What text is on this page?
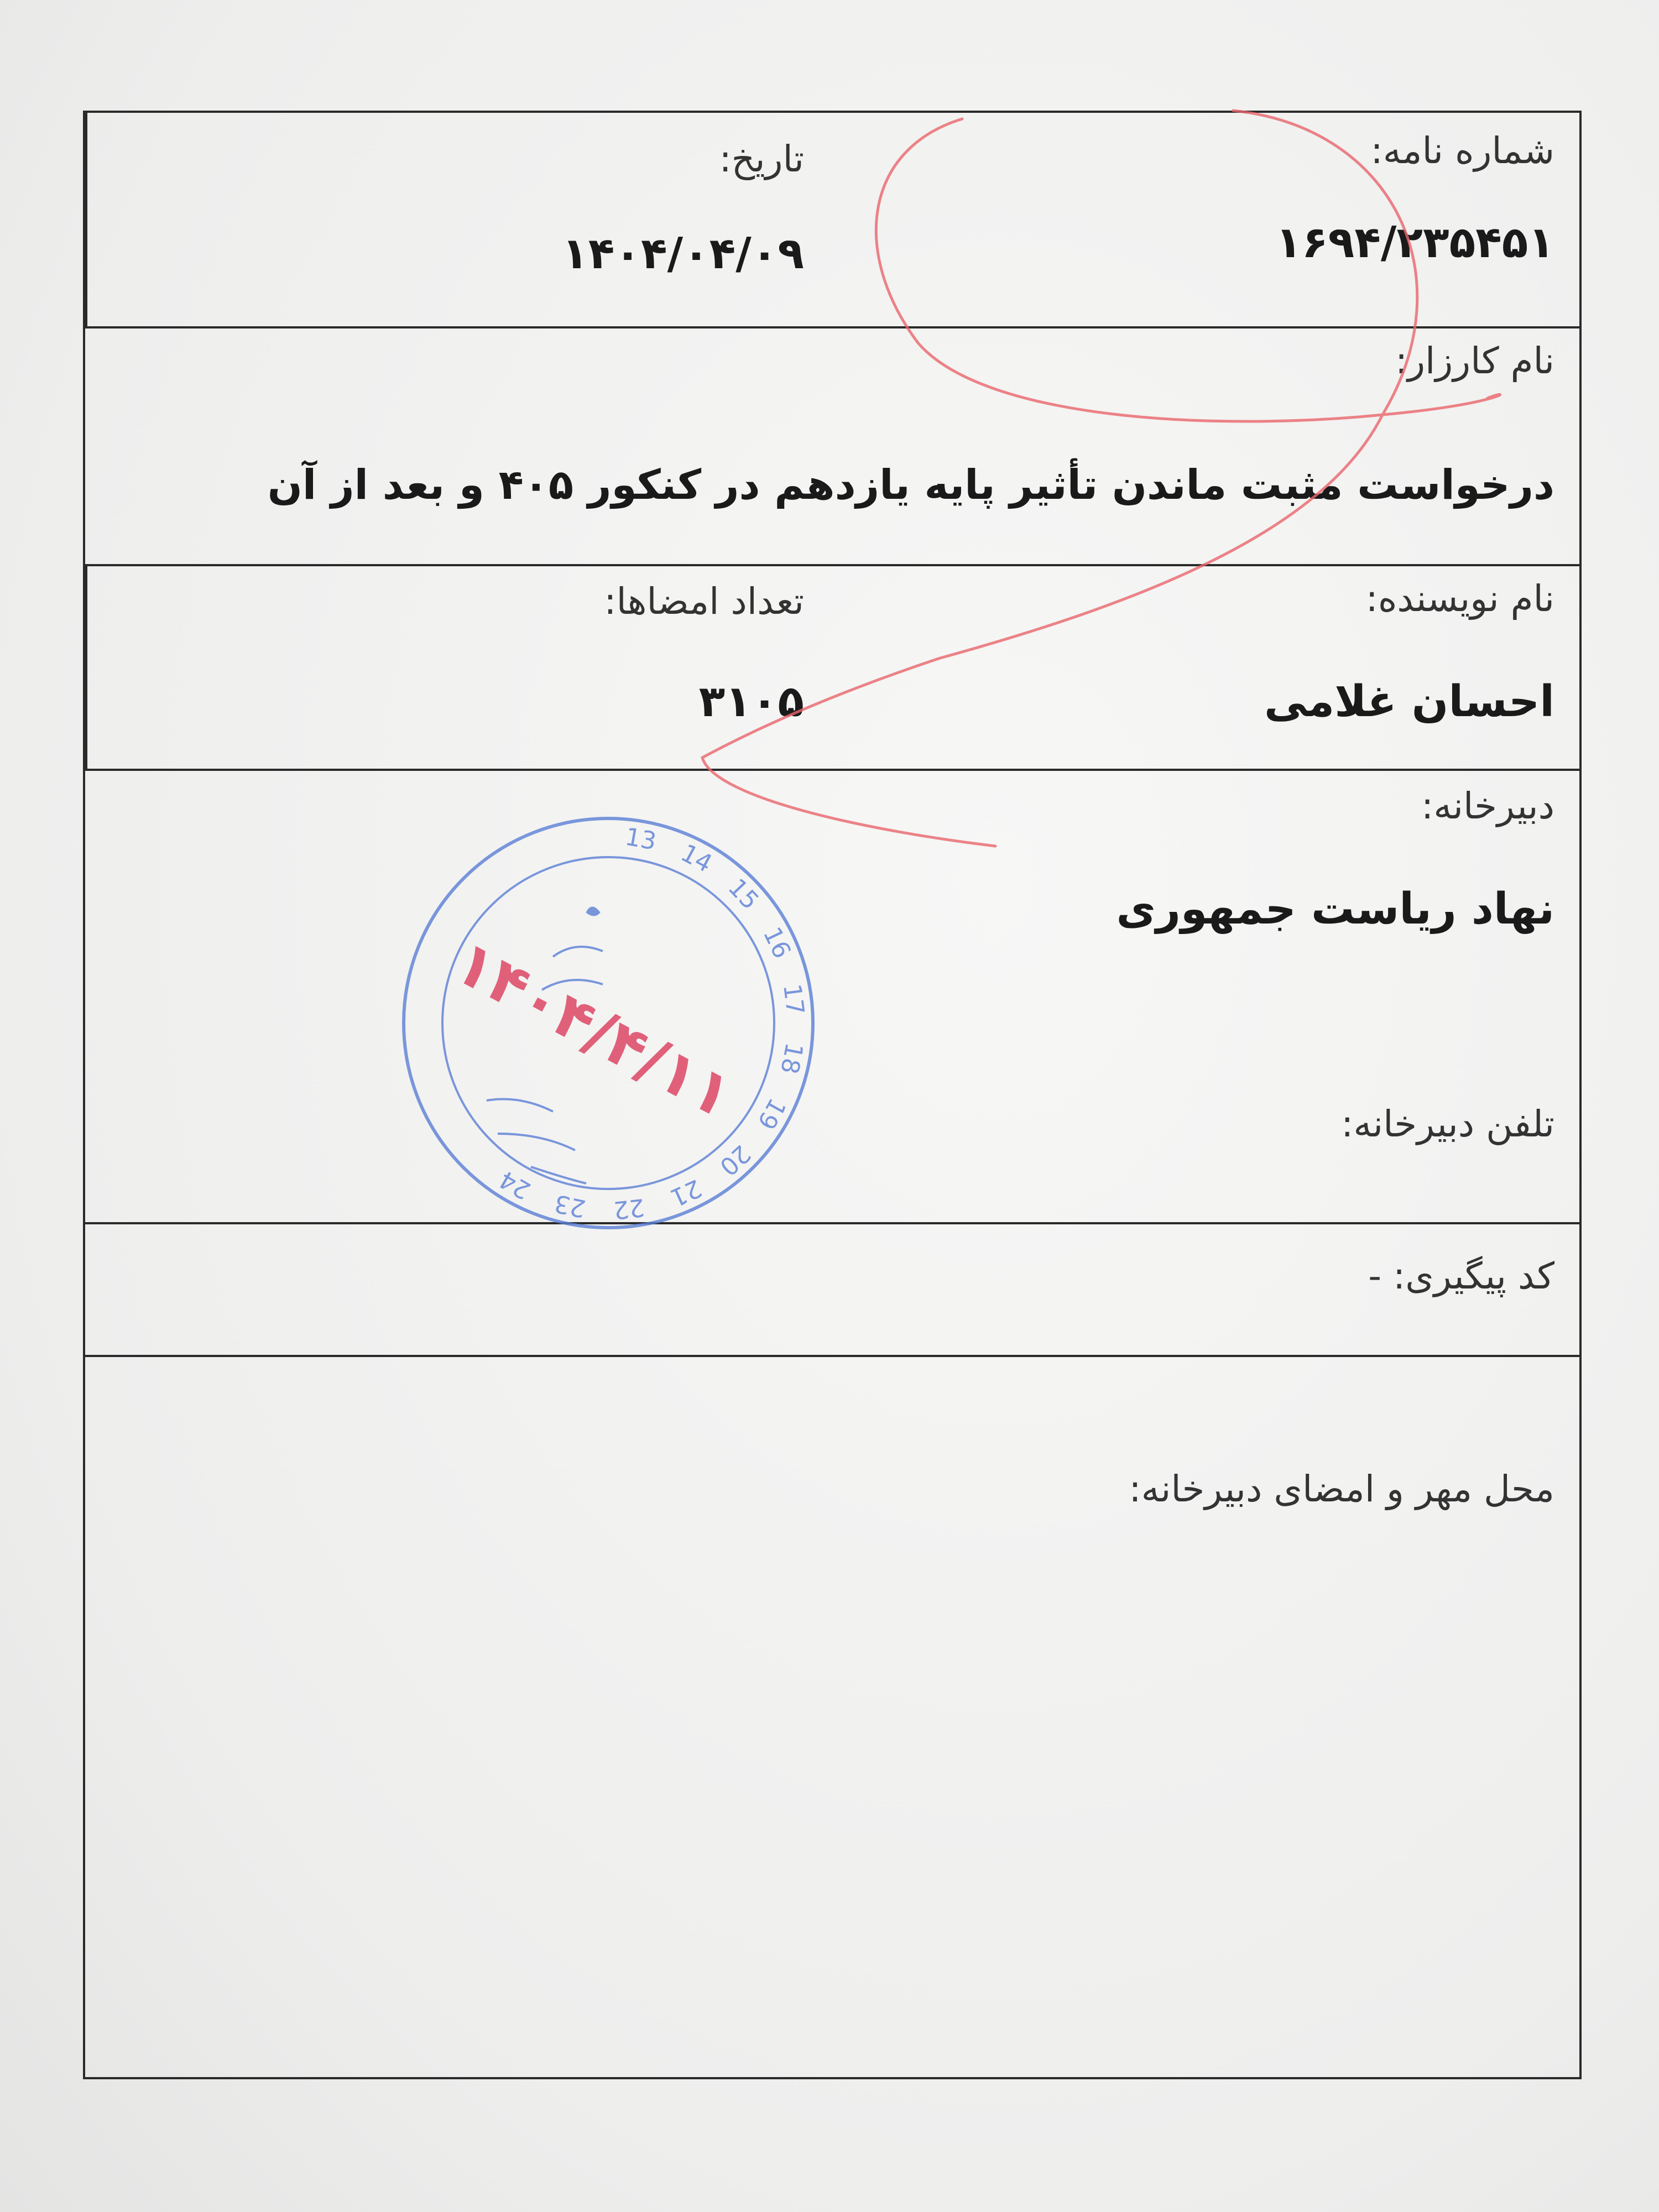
شماره نامه:
۱۶۹۴/۲۳۵۴۵۱
تاریخ:
۱۴۰۴/۰۴/۰۹
نام کارزار:
درخواست مثبت ماندن تأثیر پایه یازدهم در کنکور ۴۰۵ و بعد از آن
نام نویسنده:
احسان غلامی
تعداد امضاها:
۳۱۰۵
دبیرخانه:
نهاد ریاست جمهوری
تلفن دبیرخانه:
کد پیگیری: -
محل مهر و امضای دبیرخانه:
13 14
15
16
17
18
19
20
21
22
23
24
۱۴۰۴/۴/۱۱
